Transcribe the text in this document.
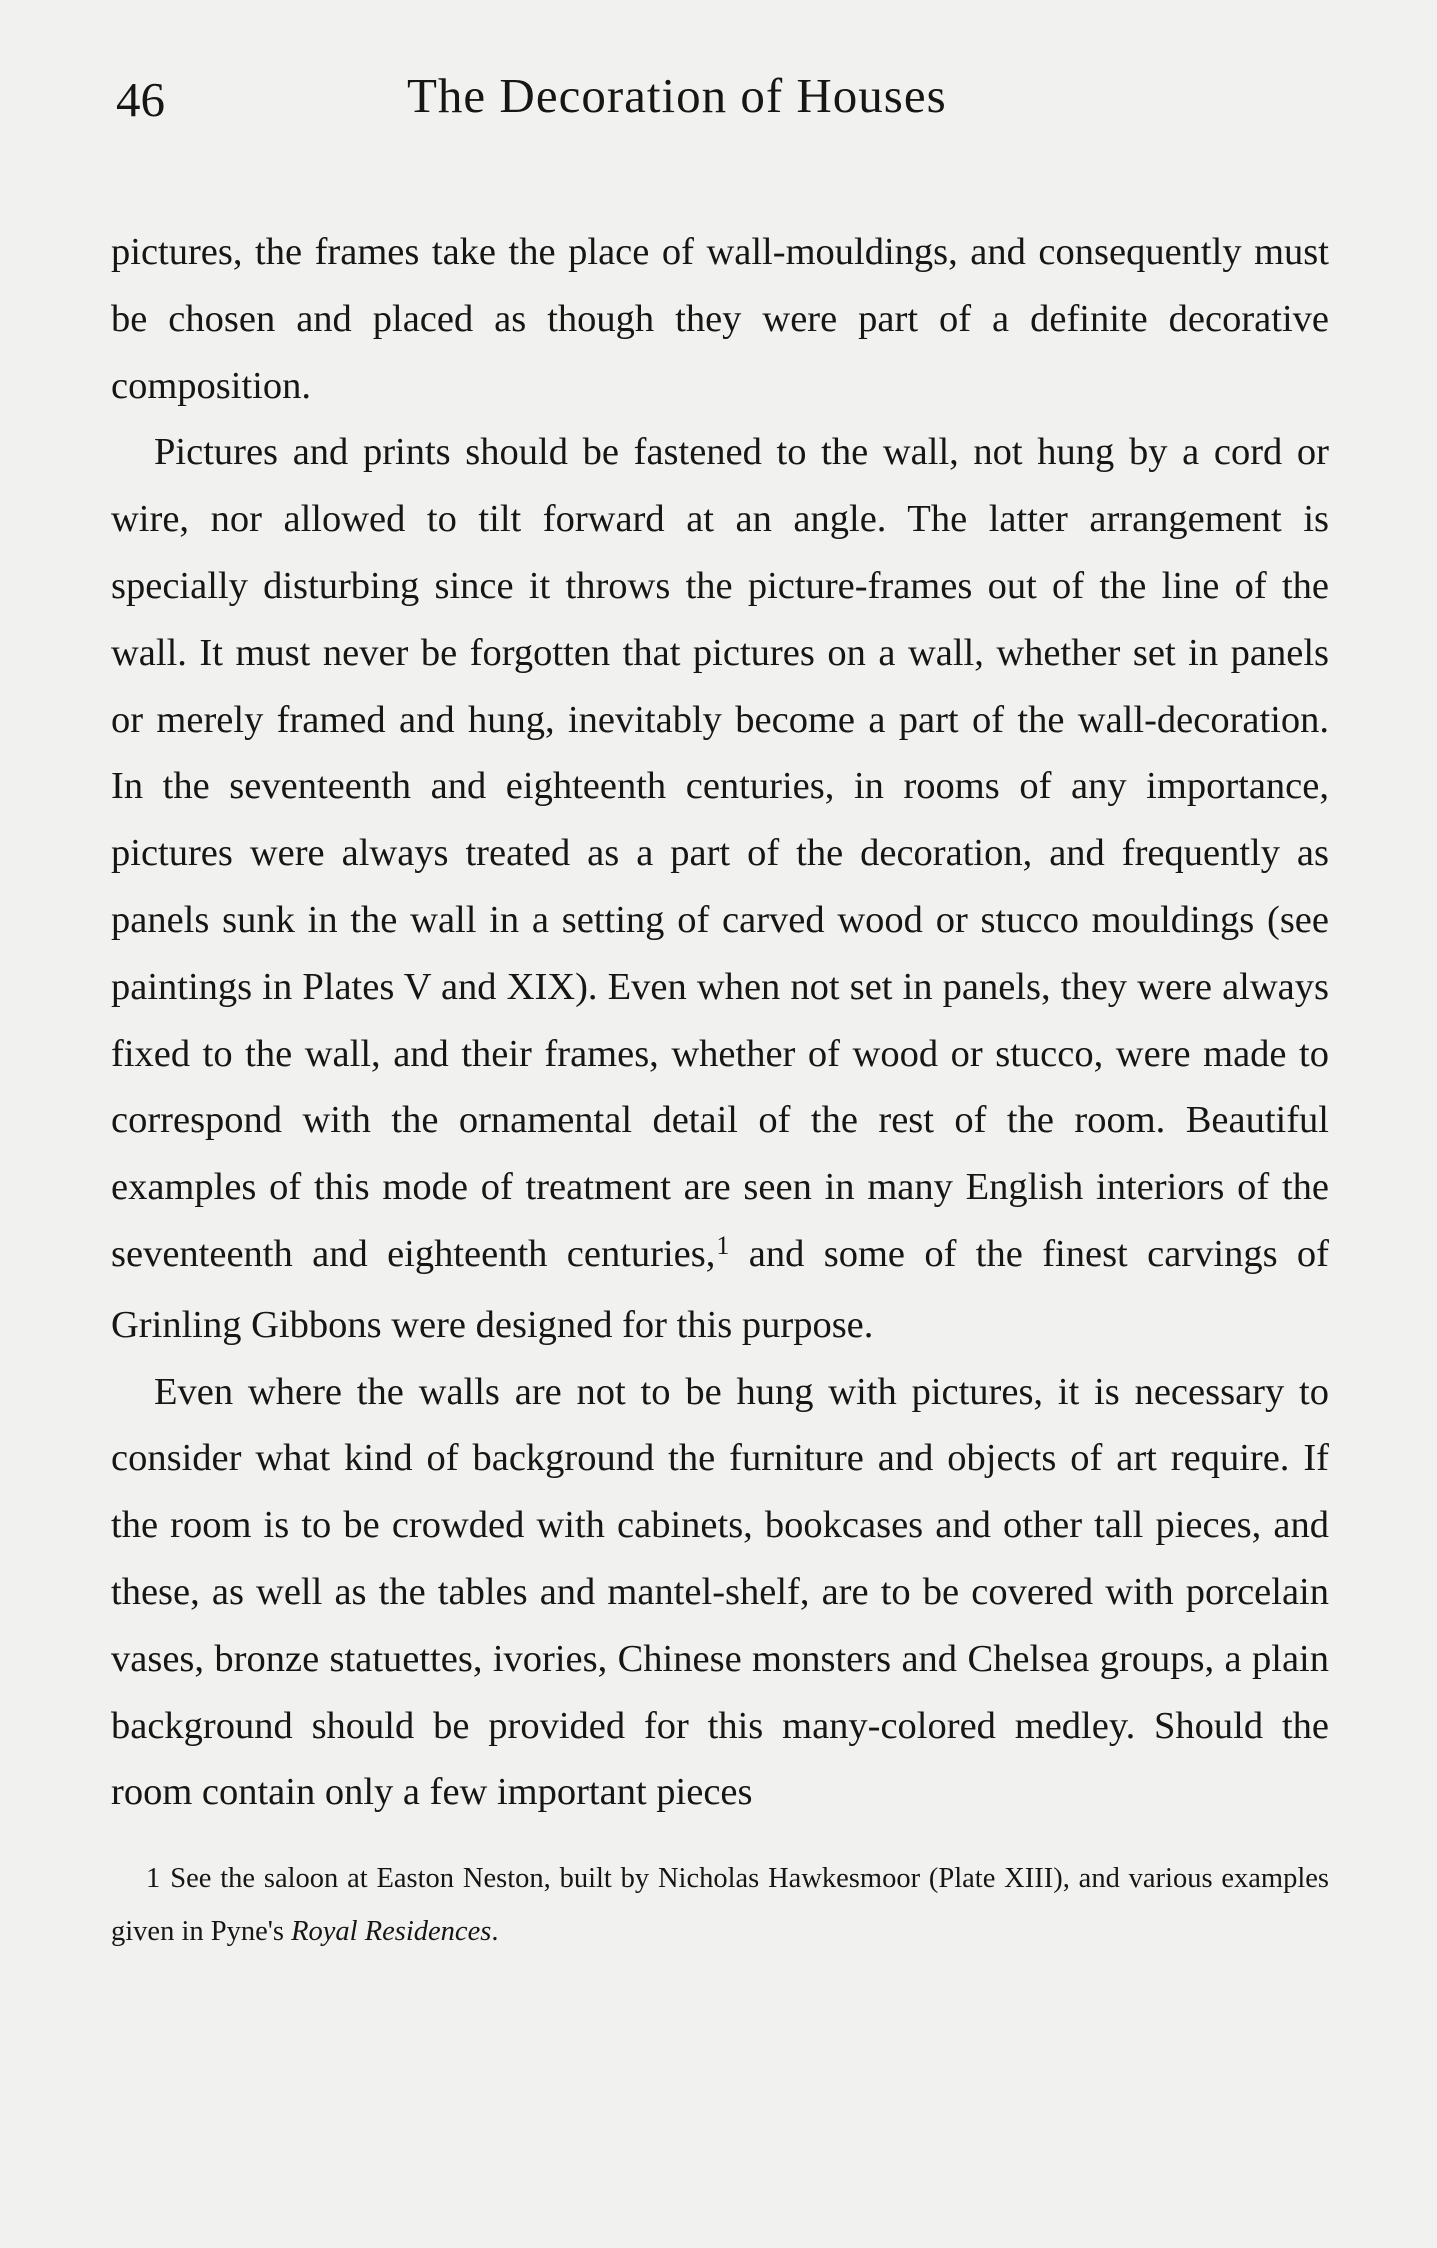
46	The Decoration of Houses

pictures, the frames take the place of wall-mouldings, and consequently must be chosen and placed as though they were part of a definite decorative composition.

Pictures and prints should be fastened to the wall, not hung by a cord or wire, nor allowed to tilt forward at an angle. The latter arrangement is specially disturbing since it throws the picture-frames out of the line of the wall. It must never be forgotten that pictures on a wall, whether set in panels or merely framed and hung, inevitably become a part of the wall-decoration. In the seventeenth and eighteenth centuries, in rooms of any importance, pictures were always treated as a part of the decoration, and frequently as panels sunk in the wall in a setting of carved wood or stucco mouldings (see paintings in Plates V and XIX). Even when not set in panels, they were always fixed to the wall, and their frames, whether of wood or stucco, were made to correspond with the ornamental detail of the rest of the room. Beautiful examples of this mode of treatment are seen in many English interiors of the seventeenth and eighteenth centuries,$^1$ and some of the finest carvings of Grinling Gibbons were designed for this purpose.

Even where the walls are not to be hung with pictures, it is necessary to consider what kind of background the furniture and objects of art require. If the room is to be crowded with cabinets, bookcases and other tall pieces, and these, as well as the tables and mantel-shelf, are to be covered with porcelain vases, bronze statuettes, ivories, Chinese monsters and Chelsea groups, a plain background should be provided for this many-colored medley. Should the room contain only a few important pieces

1 See the saloon at Easton Neston, built by Nicholas Hawkesmoor (Plate XIII), and various examples given in Pyne's Royal Residences.
